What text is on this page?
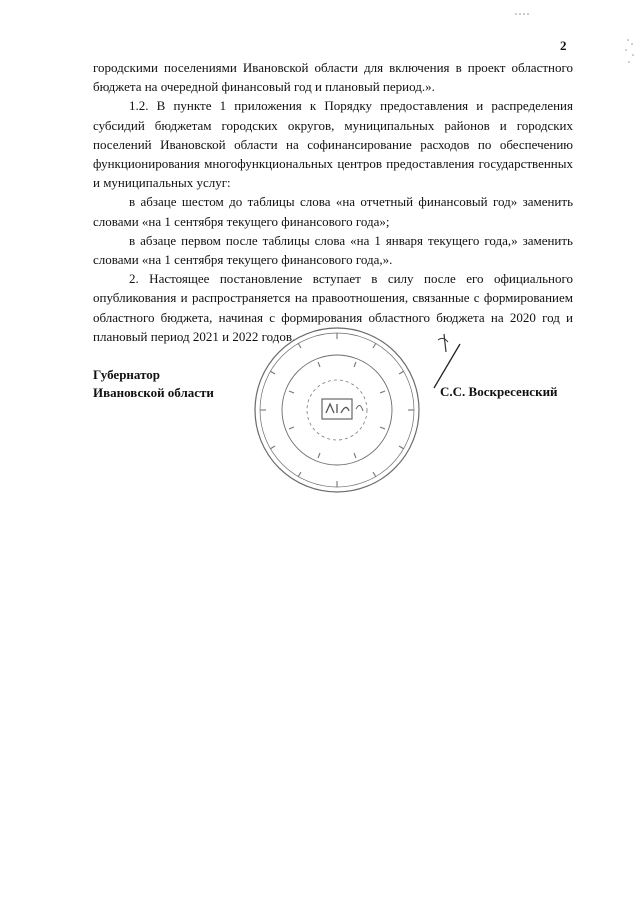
2

городскими поселениями Ивановской области для включения в проект областного бюджета на очередной финансовый год и плановый период.».

1.2. В пункте 1 приложения к Порядку предоставления и распределения субсидий бюджетам городских округов, муниципальных районов и городских поселений Ивановской области на софинансирование расходов по обеспечению функционирования многофункциональных центров предоставления государственных и муниципальных услуг:

в абзаце шестом до таблицы слова «на отчетный финансовый год» заменить словами «на 1 сентября текущего финансового года»;

в абзаце первом после таблицы слова «на 1 января текущего года,» заменить словами «на 1 сентября текущего финансового года,».

2. Настоящее постановление вступает в силу после его официального опубликования и распространяется на правоотношения, связанные с формированием областного бюджета, начиная с формирования областного бюджета на 2020 год и плановый период 2021 и 2022 годов.

Губернатор
Ивановской области	С.С. Воскресенский
